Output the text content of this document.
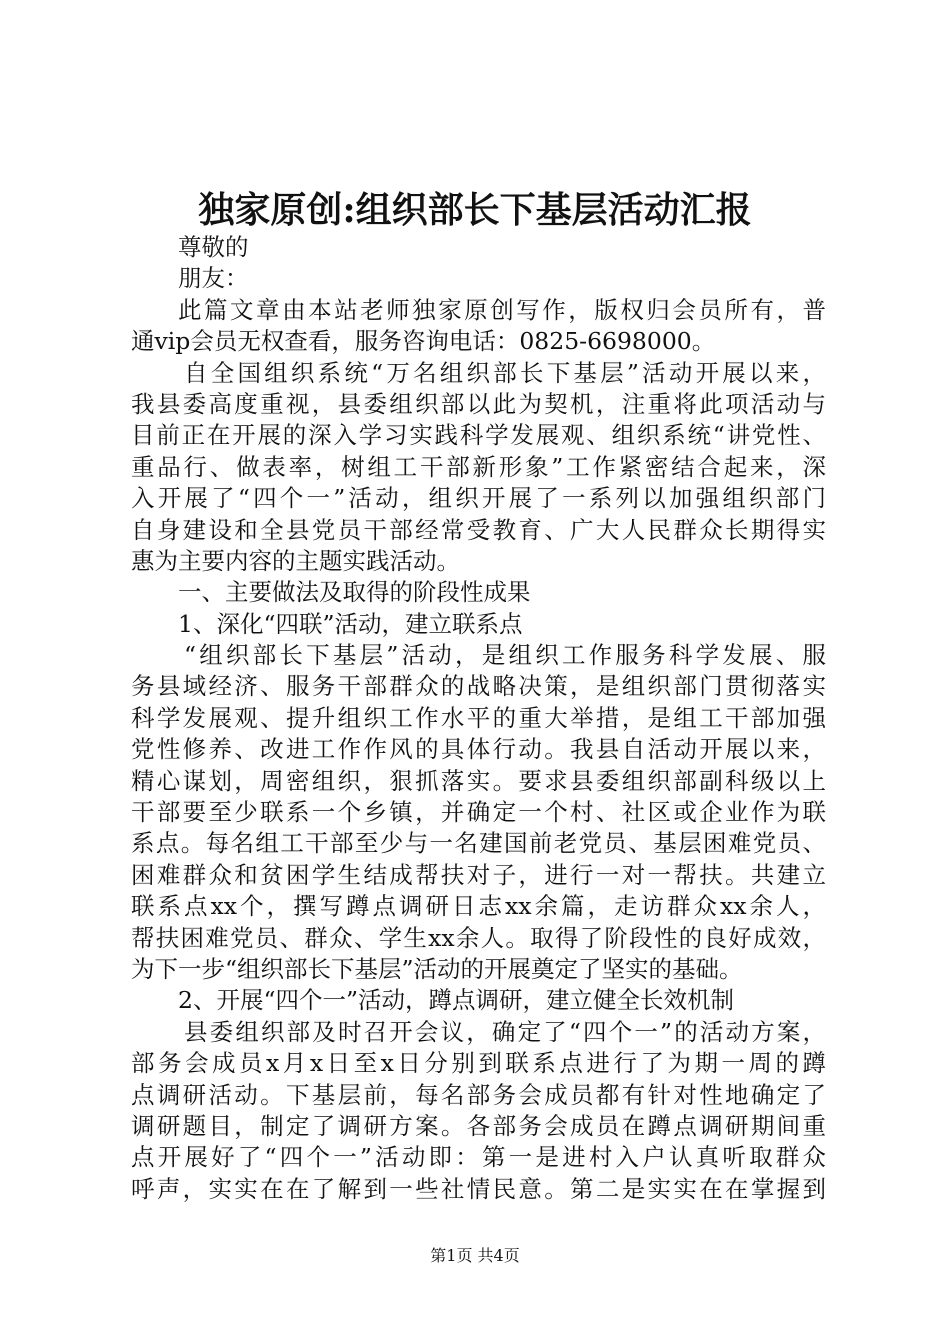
独家原创:组织部长下基层活动汇报
尊敬的
朋友：
此篇文章由本站老师独家原创写作，版权归会员所有，普
通vip会员无权查看，服务咨询电话：0825-6698000。
自全国组织系统“万名组织部长下基层”活动开展以来，
我县委高度重视，县委组织部以此为契机，注重将此项活动与
目前正在开展的深入学习实践科学发展观、组织系统“讲党性、
重品行、做表率，树组工干部新形象”工作紧密结合起来，深
入开展了“四个一”活动，组织开展了一系列以加强组织部门
自身建设和全县党员干部经常受教育、广大人民群众长期得实
惠为主要内容的主题实践活动。
一、主要做法及取得的阶段性成果
1、深化“四联”活动，建立联系点
“组织部长下基层”活动，是组织工作服务科学发展、服
务县域经济、服务干部群众的战略决策，是组织部门贯彻落实
科学发展观、提升组织工作水平的重大举措，是组工干部加强
党性修养、改进工作作风的具体行动。我县自活动开展以来，
精心谋划，周密组织，狠抓落实。要求县委组织部副科级以上
干部要至少联系一个乡镇，并确定一个村、社区或企业作为联
系点。每名组工干部至少与一名建国前老党员、基层困难党员、
困难群众和贫困学生结成帮扶对子，进行一对一帮扶。共建立
联系点xx个，撰写蹲点调研日志xx余篇，走访群众xx余人，
帮扶困难党员、群众、学生xx余人。取得了阶段性的良好成效，
为下一步“组织部长下基层”活动的开展奠定了坚实的基础。
2、开展“四个一”活动，蹲点调研，建立健全长效机制
县委组织部及时召开会议，确定了“四个一”的活动方案，
部务会成员x月x日至x日分别到联系点进行了为期一周的蹲
点调研活动。下基层前，每名部务会成员都有针对性地确定了
调研题目，制定了调研方案。各部务会成员在蹲点调研期间重
点开展好了“四个一”活动即：第一是进村入户认真听取群众
呼声，实实在在了解到一些社情民意。第二是实实在在掌握到
第1页 共4页
